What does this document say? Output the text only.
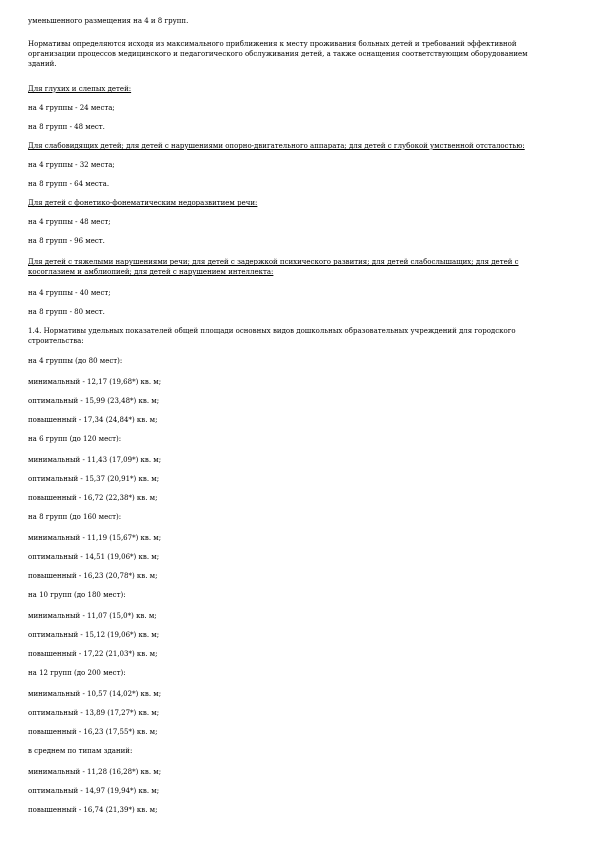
уменьшенного размещения на 4 и 8 групп.

Нормативы определяются исходя из максимального приближения к месту проживания больных детей и требований эффективной организации процессов медицинского и педагогического обслуживания детей, а также оснащения соответствующим оборудованием зданий.

Для глухих и слепых детей:

на 4 группы - 24 места;

на 8 групп - 48 мест.

Для слабовидящих детей; для детей с нарушениями опорно-двигательного аппарата; для детей с глубокой умственной отсталостью:

на 4 группы - 32 места;

на 8 групп - 64 места.

Для детей с фонетико-фонематическим недоразвитием речи:

на 4 группы - 48 мест;

на 8 групп - 96 мест.

Для детей с тяжелыми нарушениями речи; для детей с задержкой психического развития; для детей слабослышащих; для детей с косоглазием и амблиопией; для детей с нарушением интеллекта:

на 4 группы - 40 мест;

на 8 групп - 80 мест.

1.4. Нормативы удельных показателей общей площади основных видов дошкольных образовательных учреждений для городского строительства:

на 4 группы (до 80 мест):

минимальный - 12,17 (19,68*) кв. м;

оптимальный - 15,99 (23,48*) кв. м;

повышенный - 17,34 (24,84*) кв. м;

на 6 групп (до 120 мест):

минимальный - 11,43 (17,09*) кв. м;

оптимальный - 15,37 (20,91*) кв. м;

повышенный - 16,72 (22,38*) кв. м;

на 8 групп (до 160 мест):

минимальный - 11,19 (15,67*) кв. м;

оптимальный - 14,51 (19,06*) кв. м;

повышенный - 16,23 (20,78*) кв. м;

на 10 групп (до 180 мест):

минимальный - 11,07 (15,0*) кв. м;

оптимальный - 15,12 (19,06*) кв. м;

повышенный - 17,22 (21,03*) кв. м;

на 12 групп (до 200 мест):

минимальный - 10,57 (14,02*) кв. м;

оптимальный - 13,89 (17,27*) кв. м;

повышенный - 16,23 (17,55*) кв. м;

в среднем по типам зданий:

минимальный - 11,28 (16,28*) кв. м;

оптимальный - 14,97 (19,94*) кв. м;

повышенный - 16,74 (21,39*) кв. м;
